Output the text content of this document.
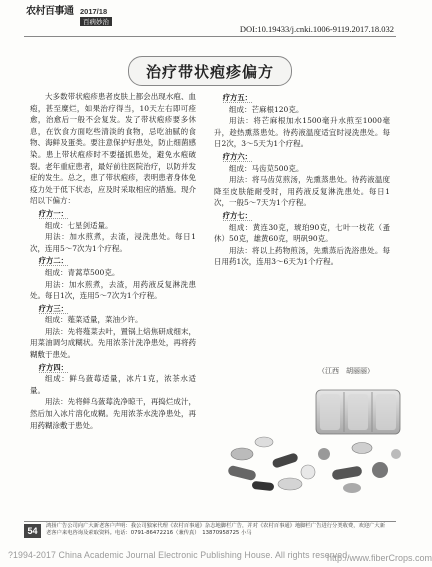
农村百事通 2017/18
百病妙治
DOI:10.19433/j.cnki.1006-9119.2017.18.032
治疗带状疱疹偏方

大多数带状疱疹患者皮肤上都会出现水疱、血疱，甚至糜烂，如果治疗得当，10天左右即可痊愈，治愈后一般不会复发。发了带状疱疹要多休息，在饮食方面吃些清淡的食物，忌吃油腻的食物、海鲜及蛋类。要注意保护好患处，防止细菌感染。患上带状疱疹时不要搔抓患处，避免水疱破裂。老年重症患者，最好前往医院治疗，以防并发症的发生。总之，患了带状疱疹，表明患者身体免疫力处于低下状态，应及时采取相应的措施。现介绍以下偏方：

疗方一：

组成：七星剑适量。

用法：加水煎煮，去渣，浸洗患处。每日1次，连用5～7次为1个疗程。

疗方二：

组成：青蒿草500克。

用法：加水煎煮，去渣，用药液反复淋洗患处。每日1次，连用5～7次为1个疗程。

疗方三：

组成：薤菜适量，菜油少许。

用法：先将薤菜去叶，置锅上焙焦研成细末，用菜油调匀成糊状。先用浓茶汁洗净患处，再将药糊敷于患处。

疗方四：

组成：鲜乌蔹莓适量，冰片1克，浓茶水适量。

用法：先将鲜乌蔹莓洗净晾干，再捣烂成汁，然后加入冰片溶化成糊。先用浓茶水洗净患处，再用药糊涂敷于患处。

疗方五：

组成：芒麻根120克。

用法：将芒麻根加水1500毫升水煎至1000毫升，趁热熏蒸患处。待药液温度适宜时浸洗患处。每日2次，3～5天为1个疗程。

疗方六：

组成：马齿苋500克。

用法：将马齿苋煎汤，先熏蒸患处。待药液温度降至皮肤能耐受时，用药液反复淋洗患处。每日1次，一般5～7天为1个疗程。

疗方七：

组成：黄连30克，琥珀90克，七叶一枝花（蚤休）50克，雄黄60克，明矾90克。

用法：将以上药物煎汤，先熏蒸后洗浴患处。每日用药1次，连用3～6天为1个疗程。

（江西　胡丽丽）
54	鸿扬广告公司向广大新老客户声明：我公司独家代理《农村百事通》杂志地脚栏广告，并对《农村百事通》地脚栏广告进行分类收费，欢迎广大新老客户来电咨询及索取资料。电话：0791-86472216（兼传真）　13870958725 小马
?1994-2017 China Academic Journal Electronic Publishing House. All rights reserved.
http://www.fiberCrops.com
